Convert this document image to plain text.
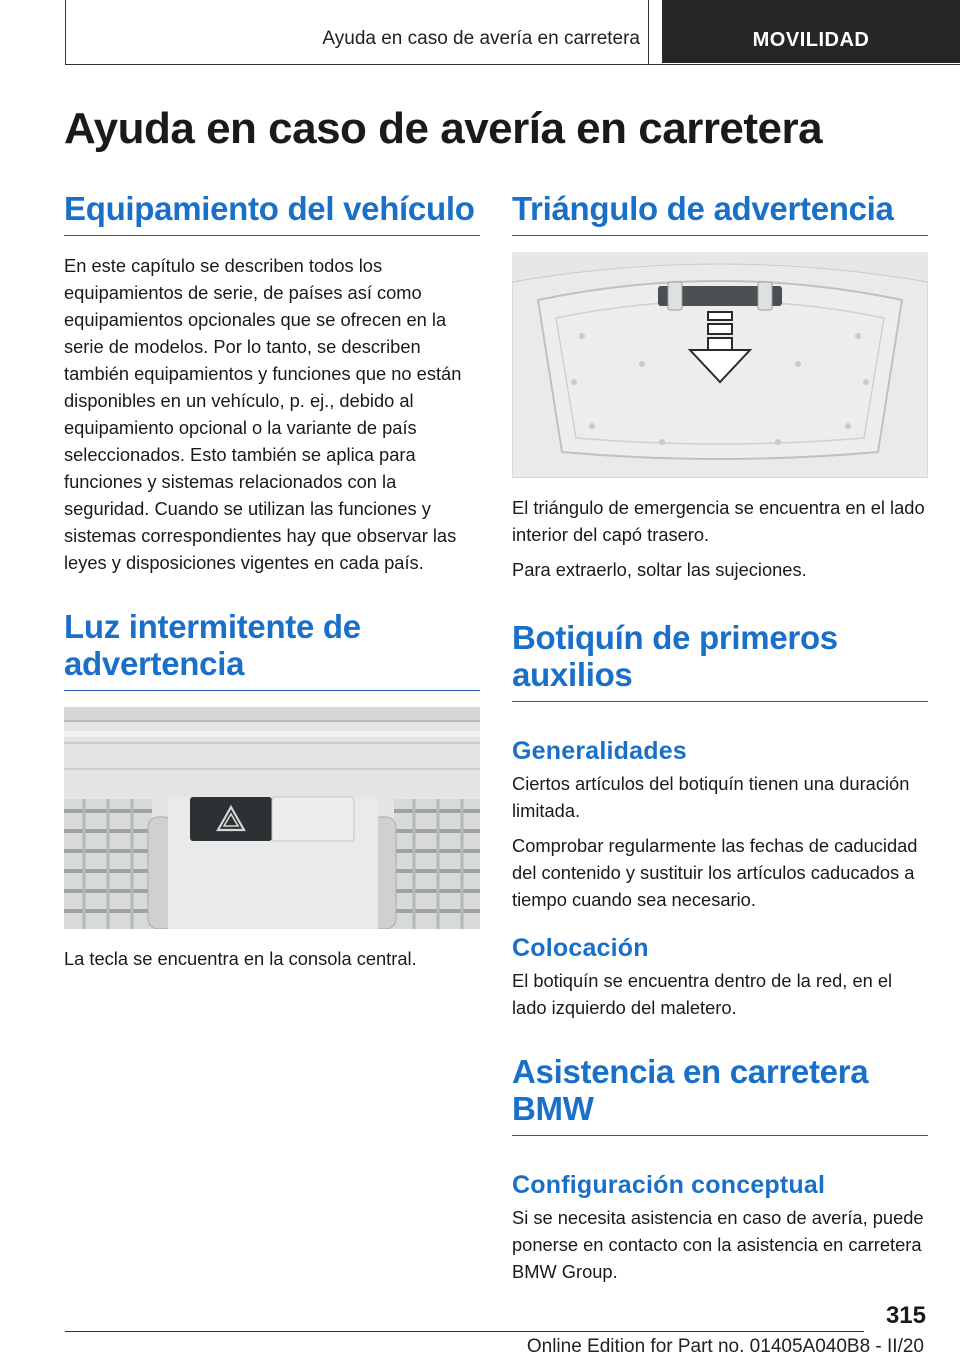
Ayuda en caso de avería en carretera	MOVILIDAD
Ayuda en caso de avería en carretera
Equipamiento del vehículo

En este capítulo se describen todos los equipamientos de serie, de países así como equipamientos opcionales que se ofrecen en la serie de modelos. Por lo tanto, se describen también equipamientos y funciones que no están disponibles en un vehículo, p. ej., debido al equipamiento opcional o la variante de país seleccionados. Esto también se aplica para funciones y sistemas relacionados con la seguridad. Cuando se utilizan las funciones y sistemas correspondientes hay que observar las leyes y disposiciones vigentes en cada país.

Luz intermitente de advertencia

La tecla se encuentra en la consola central.

Triángulo de advertencia

El triángulo de emergencia se encuentra en el lado interior del capó trasero.

Para extraerlo, soltar las sujeciones.

Botiquín de primeros auxilios
Generalidades

Ciertos artículos del botiquín tienen una duración limitada.

Comprobar regularmente las fechas de caducidad del contenido y sustituir los artículos caducados a tiempo cuando sea necesario.

Colocación

El botiquín se encuentra dentro de la red, en el lado izquierdo del maletero.

Asistencia en carretera BMW
Configuración conceptual

Si se necesita asistencia en caso de avería, puede ponerse en contacto con la asistencia en carretera BMW Group.

315
Online Edition for Part no. 01405A040B8 - II/20
